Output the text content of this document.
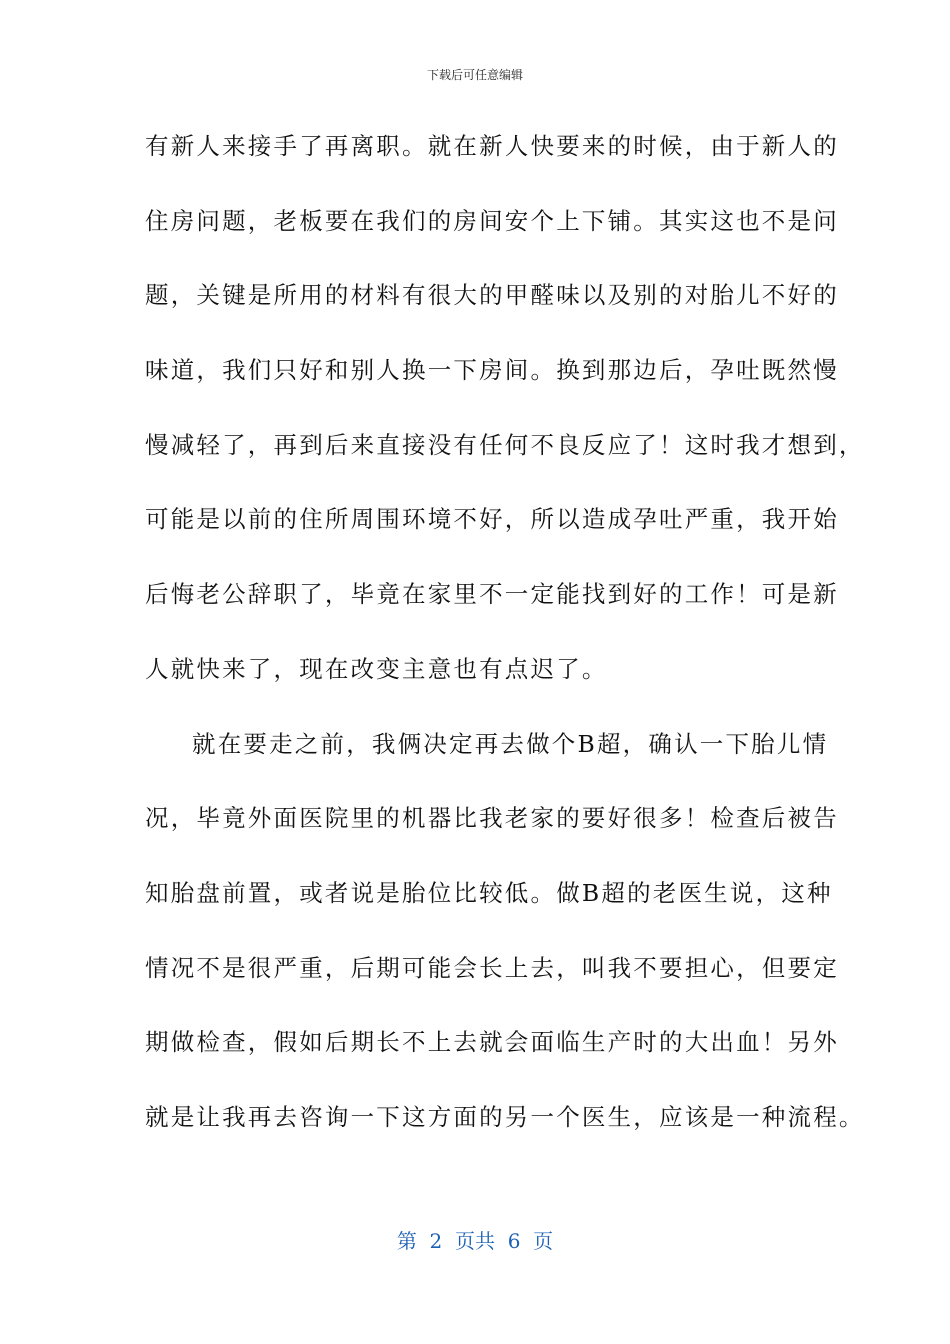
下载后可任意编辑
有新人来接手了再离职。就在新人快要来的时候，由于新人的
住房问题，老板要在我们的房间安个上下铺。其实这也不是问
题，关键是所用的材料有很大的甲醛味以及别的对胎儿不好的
味道，我们只好和别人换一下房间。换到那边后，孕吐既然慢
慢减轻了，再到后来直接没有任何不良反应了！这时我才想到，
可能是以前的住所周围环境不好，所以造成孕吐严重，我开始
后悔老公辞职了，毕竟在家里不一定能找到好的工作！可是新
人就快来了，现在改变主意也有点迟了。
就在要走之前，我俩决定再去做个B超，确认一下胎儿情
况，毕竟外面医院里的机器比我老家的要好很多！检查后被告
知胎盘前置，或者说是胎位比较低。做B超的老医生说，这种
情况不是很严重，后期可能会长上去，叫我不要担心，但要定
期做检查，假如后期长不上去就会面临生产时的大出血！另外
就是让我再去咨询一下这方面的另一个医生，应该是一种流程。
第  2  页共  6  页
